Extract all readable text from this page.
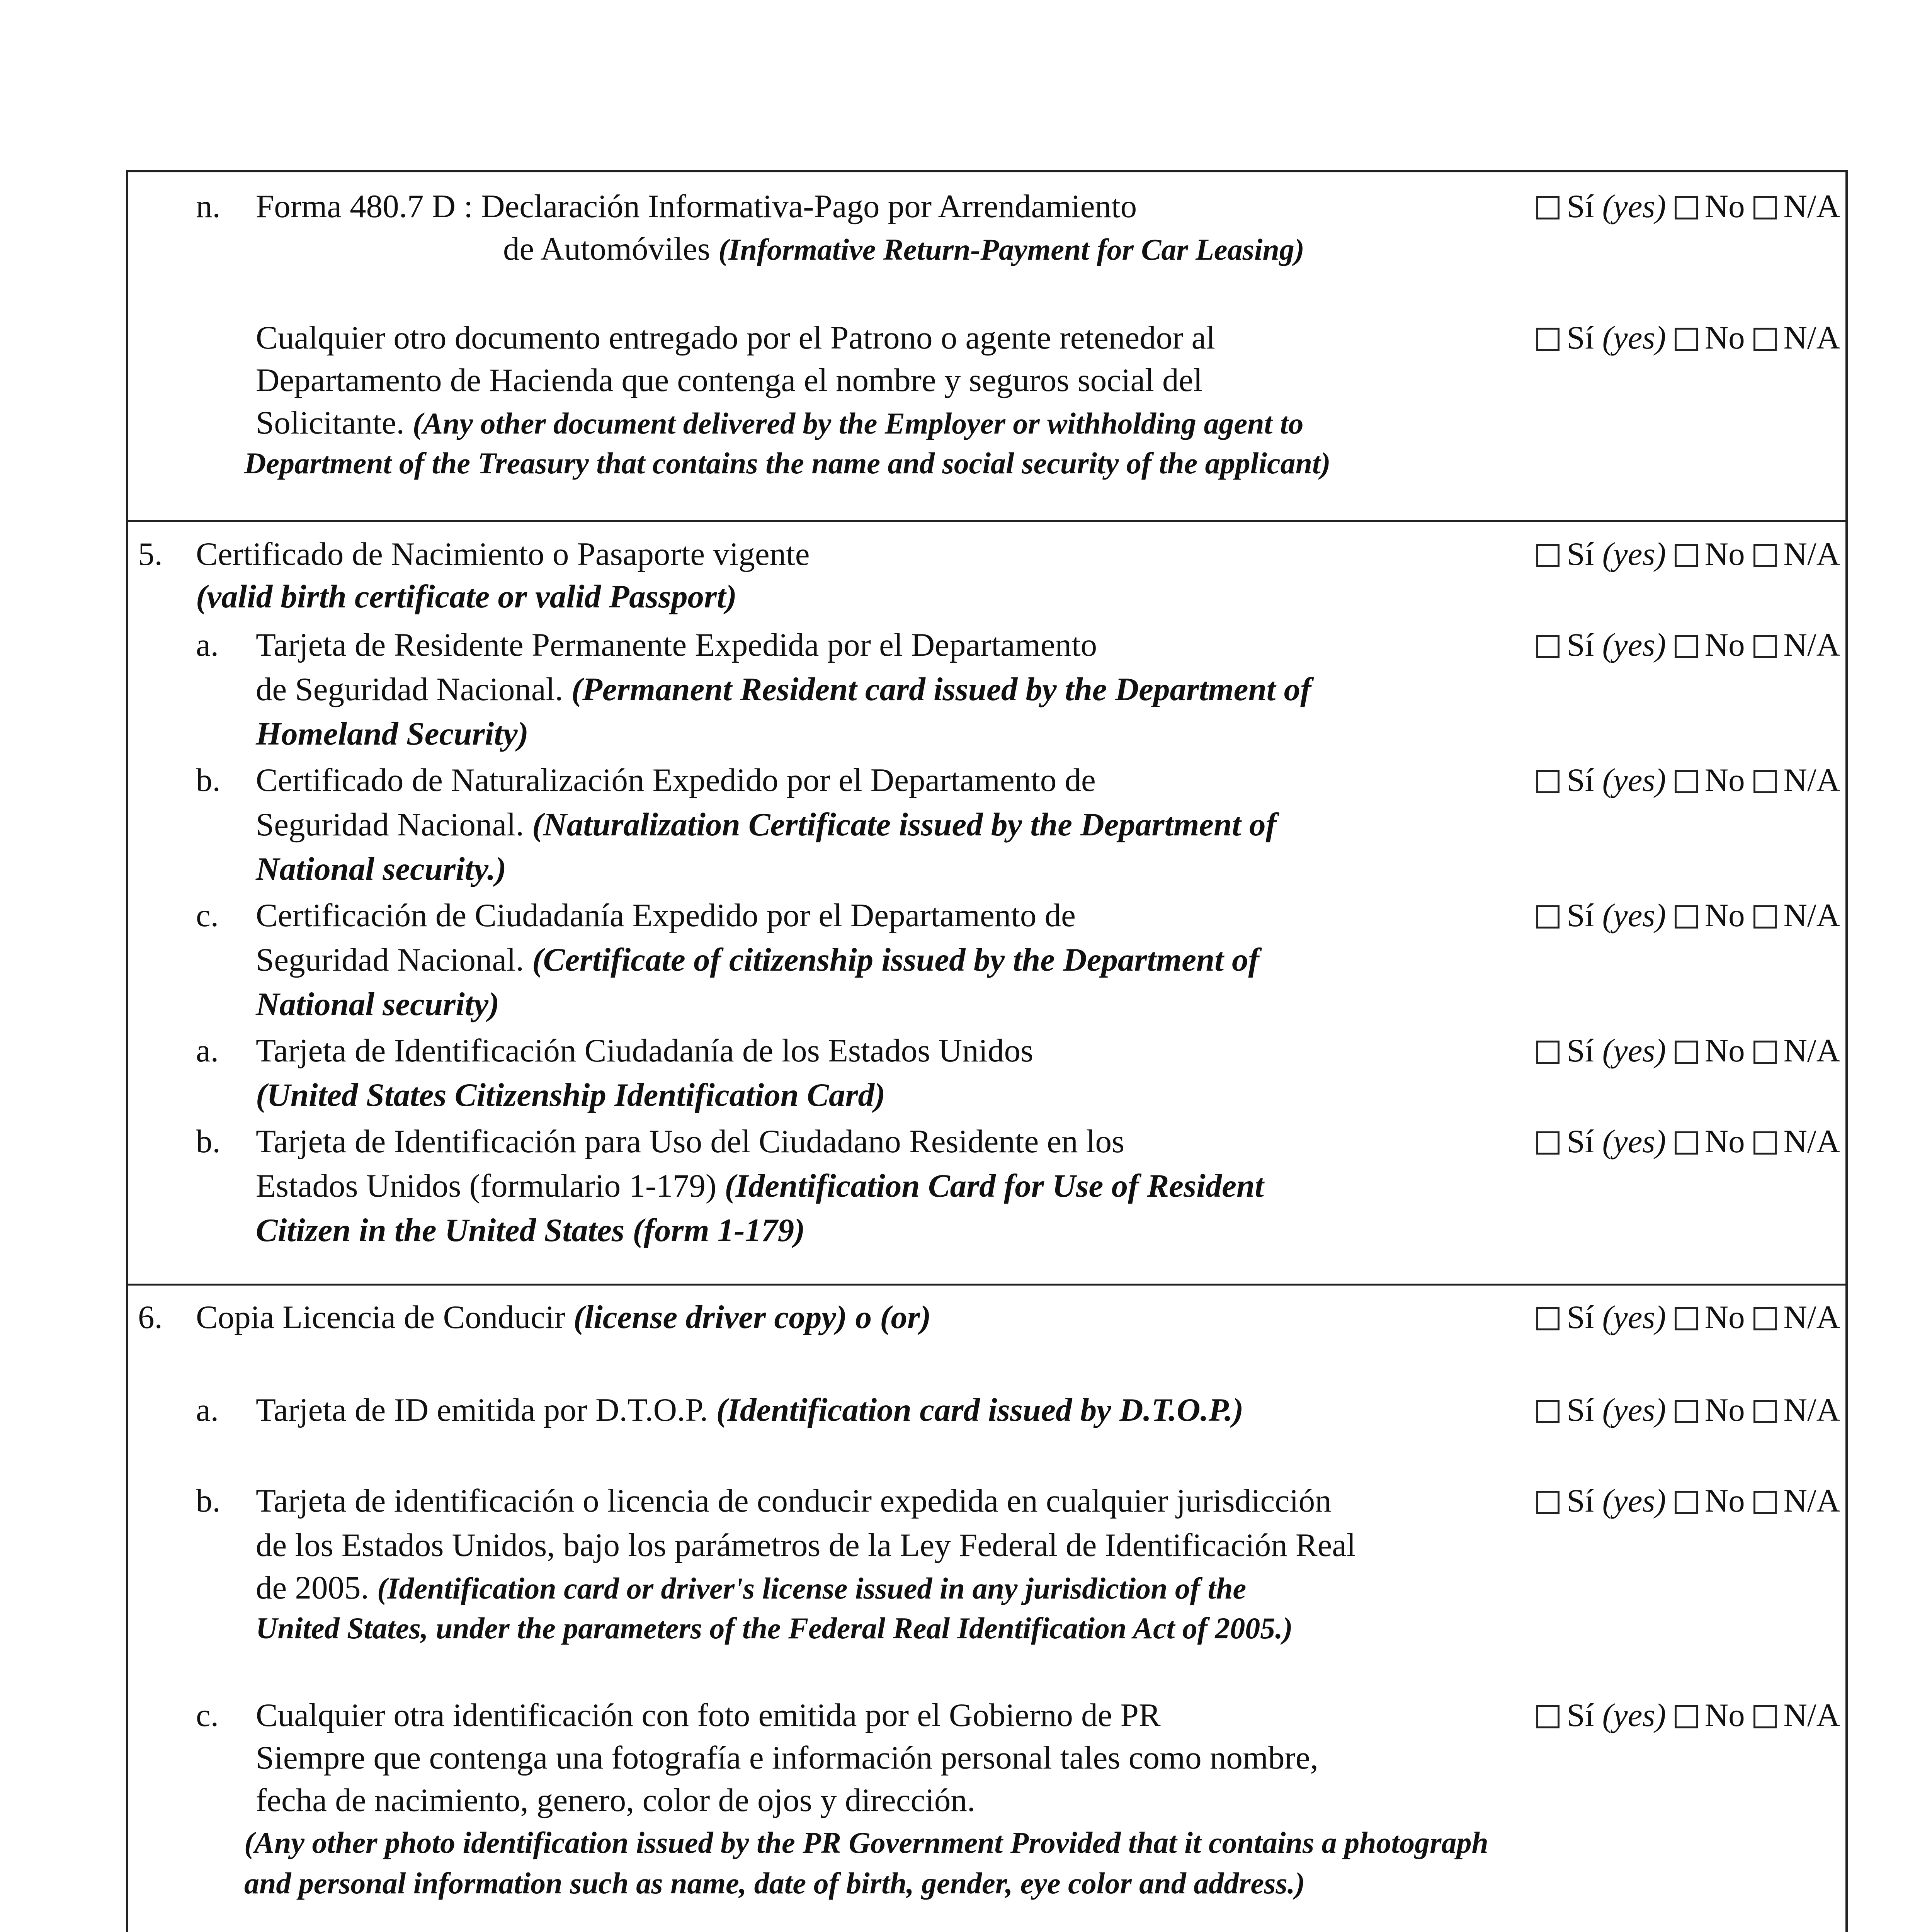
n. Forma 480.7 D : Declaración Informativa-Pago por Arrendamiento
de Automóviles (Informative Return-Payment for Car Leasing)
Sí (yes) No N/A
Cualquier otro documento entregado por el Patrono o agente retenedor al
Departamento de Hacienda que contenga el nombre y seguros social del
Solicitante. (Any other document delivered by the Employer or withholding agent to
Department of the Treasury that contains the name and social security of the applicant)
Sí (yes) No N/A
5. Certificado de Nacimiento o Pasaporte vigente
(valid birth certificate or valid Passport)
Sí (yes) No N/A
a. Tarjeta de Residente Permanente Expedida por el Departamento
de Seguridad Nacional. (Permanent Resident card issued by the Department of
Homeland Security)
Sí (yes) No N/A
b. Certificado de Naturalización Expedido por el Departamento de
Seguridad Nacional. (Naturalization Certificate issued by the Department of
National security.)
Sí (yes) No N/A
c. Certificación de Ciudadanía Expedido por el Departamento de
Seguridad Nacional. (Certificate of citizenship issued by the Department of
National security)
Sí (yes) No N/A
a. Tarjeta de Identificación Ciudadanía de los Estados Unidos
(United States Citizenship Identification Card)
Sí (yes) No N/A
b. Tarjeta de Identificación para Uso del Ciudadano Residente en los
Estados Unidos (formulario 1-179) (Identification Card for Use of Resident
Citizen in the United States (form 1-179)
Sí (yes) No N/A
6. Copia Licencia de Conducir (license driver copy) o (or)	Sí (yes) No N/A
a. Tarjeta de ID emitida por D.T.O.P. (Identification card issued by D.T.O.P.)	Sí (yes) No N/A
b. Tarjeta de identificación o licencia de conducir expedida en cualquier jurisdicción
de los Estados Unidos, bajo los parámetros de la Ley Federal de Identificación Real
de 2005. (Identification card or driver's license issued in any jurisdiction of the
United States, under the parameters of the Federal Real Identification Act of 2005.)
Sí (yes) No N/A
c. Cualquier otra identificación con foto emitida por el Gobierno de PR
Siempre que contenga una fotografía e información personal tales como nombre,
fecha de nacimiento, genero, color de ojos y dirección.
(Any other photo identification issued by the PR Government Provided that it contains a photograph
and personal information such as name, date of birth, gender, eye color and address.)
Sí (yes) No N/A
